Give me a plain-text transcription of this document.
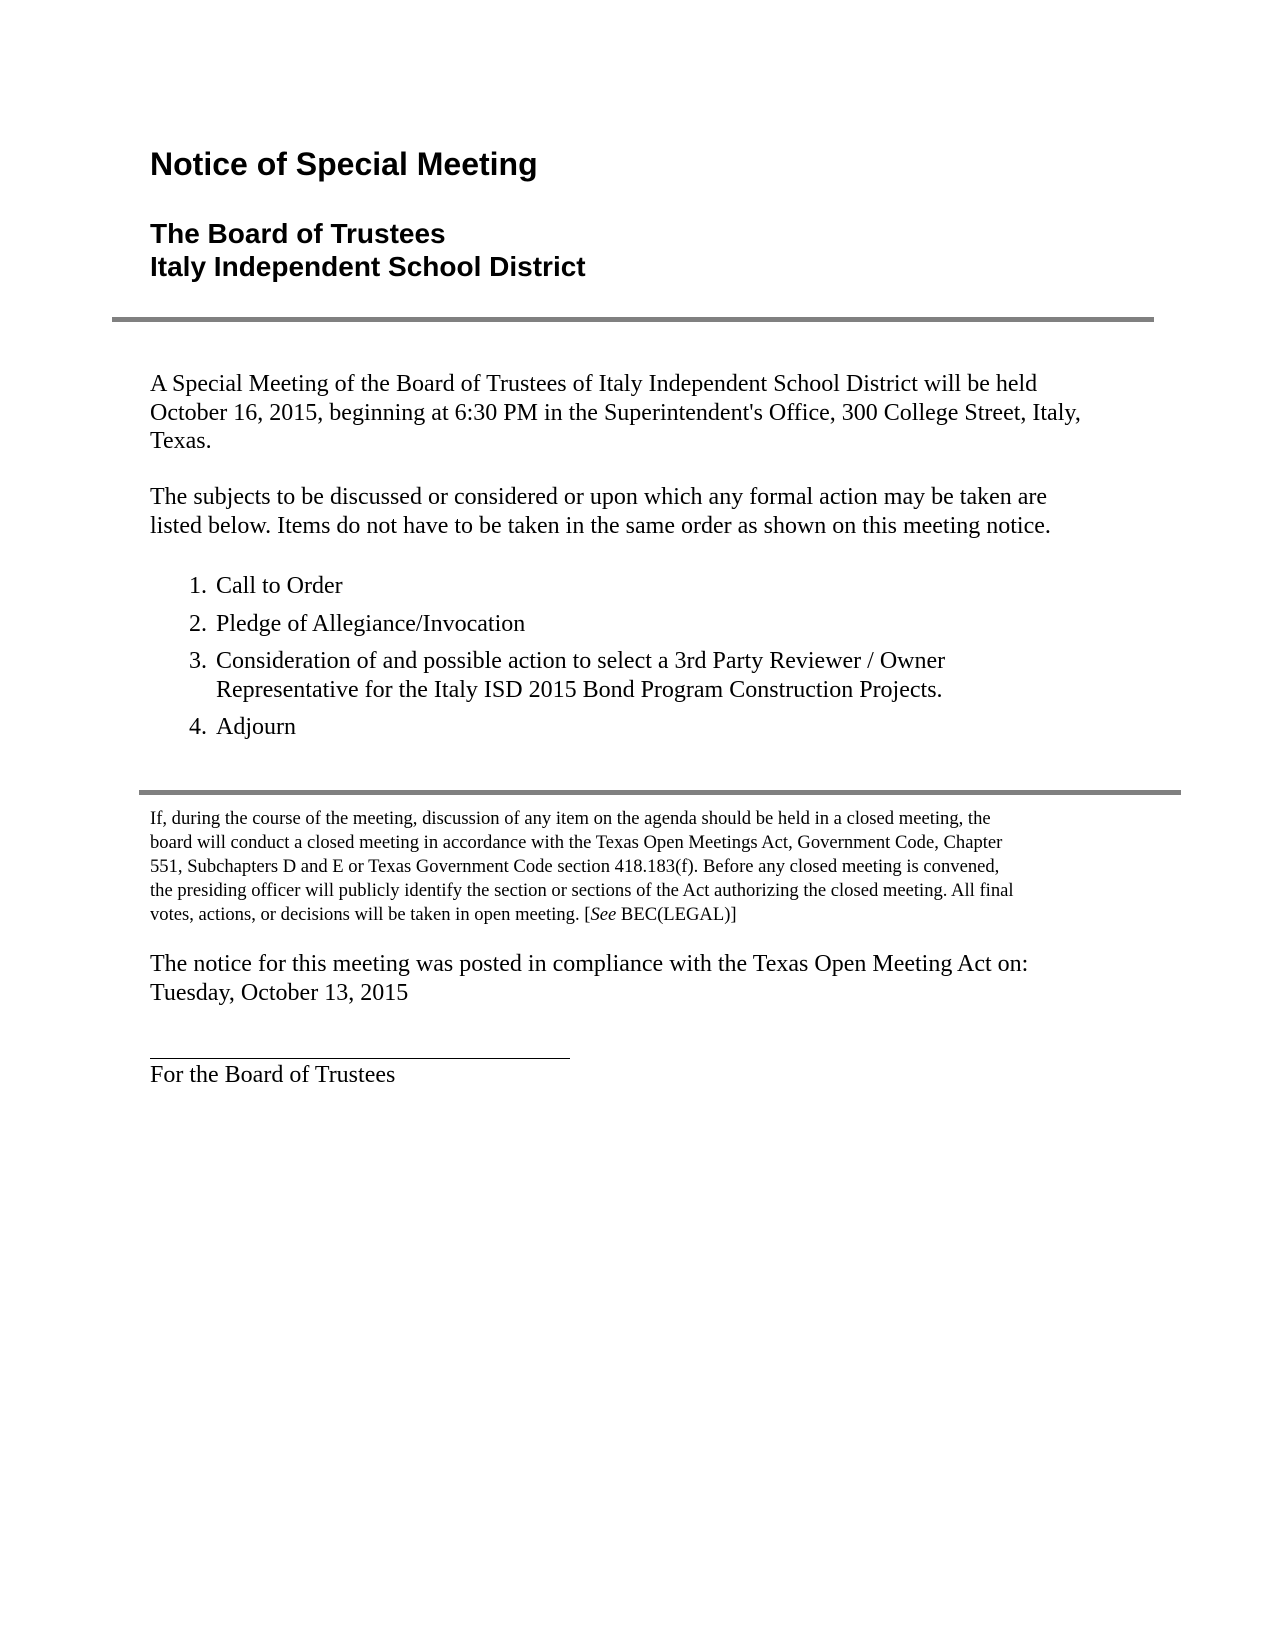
Notice of Special Meeting
The Board of Trustees
Italy Independent School District

A Special Meeting of the Board of Trustees of Italy Independent School District will be held
October 16, 2015, beginning at 6:30 PM in the Superintendent's Office, 300 College Street, Italy,
Texas.

The subjects to be discussed or considered or upon which any formal action may be taken are
listed below. Items do not have to be taken in the same order as shown on this meeting notice.

1 . Call to Order
2 . Pledge of Allegiance/Invocation
3 . Consideration of and possible action to select a 3rd Party Reviewer / Owner
Representative for the Italy ISD 2015 Bond Program Construction Projects.
4 . Adjourn

If, during the course of the meeting, discussion of any item on the agenda should be held in a closed meeting, the
board will conduct a closed meeting in accordance with the Texas Open Meetings Act, Government Code, Chapter
551, Subchapters D and E or Texas Government Code section 418.183(f). Before any closed meeting is convened,
the presiding officer will publicly identify the section or sections of the Act authorizing the closed meeting. All final
votes, actions, or decisions will be taken in open meeting. [See BEC(LEGAL)]

The notice for this meeting was posted in compliance with the Texas Open Meeting Act on:
Tuesday, October 13, 2015

For the Board of Trustees
